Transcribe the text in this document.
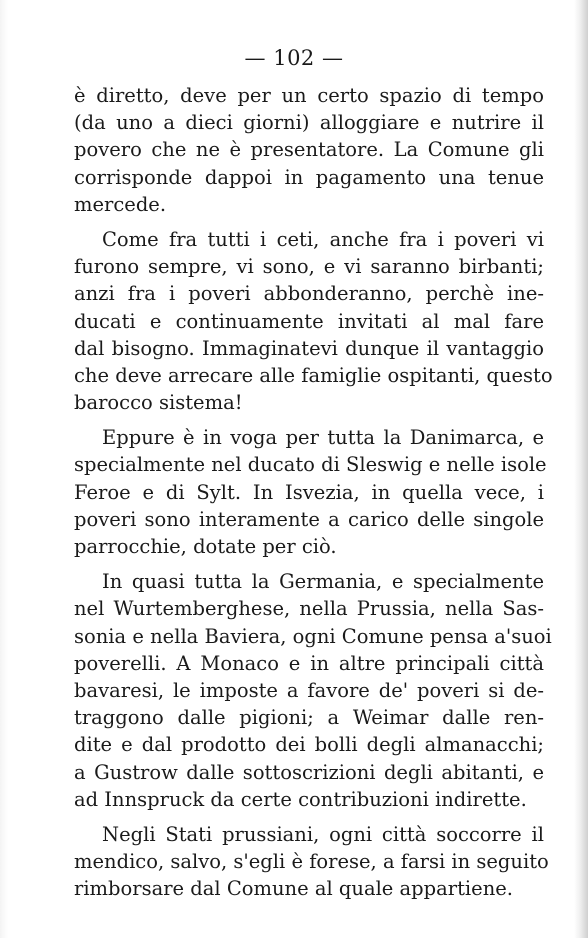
— 102 —
è diretto, deve per un certo spazio di tempo
(da uno a dieci giorni) alloggiare e nutrire il
povero che ne è presentatore. La Comune gli
corrisponde dappoi in pagamento una tenue
mercede.
Come fra tutti i ceti, anche fra i poveri vi
furono sempre, vi sono, e vi saranno birbanti;
anzi fra i poveri abbonderanno, perchè ine-
ducati e continuamente invitati al mal fare
dal bisogno. Immaginatevi dunque il vantaggio
che deve arrecare alle famiglie ospitanti, questo
barocco sistema!
Eppure è in voga per tutta la Danimarca, e
specialmente nel ducato di Sleswig e nelle isole
Feroe e di Sylt. In Isvezia, in quella vece, i
poveri sono interamente a carico delle singole
parrocchie, dotate per ciò.
In quasi tutta la Germania, e specialmente
nel Wurtemberghese, nella Prussia, nella Sas-
sonia e nella Baviera, ogni Comune pensa a'suoi
poverelli. A Monaco e in altre principali città
bavaresi, le imposte a favore de' poveri si de-
traggono dalle pigioni; a Weimar dalle ren-
dite e dal prodotto dei bolli degli almanacchi;
a Gustrow dalle sottoscrizioni degli abitanti, e
ad Innspruck da certe contribuzioni indirette.
Negli Stati prussiani, ogni città soccorre il
mendico, salvo, s'egli è forese, a farsi in seguito
rimborsare dal Comune al quale appartiene.
